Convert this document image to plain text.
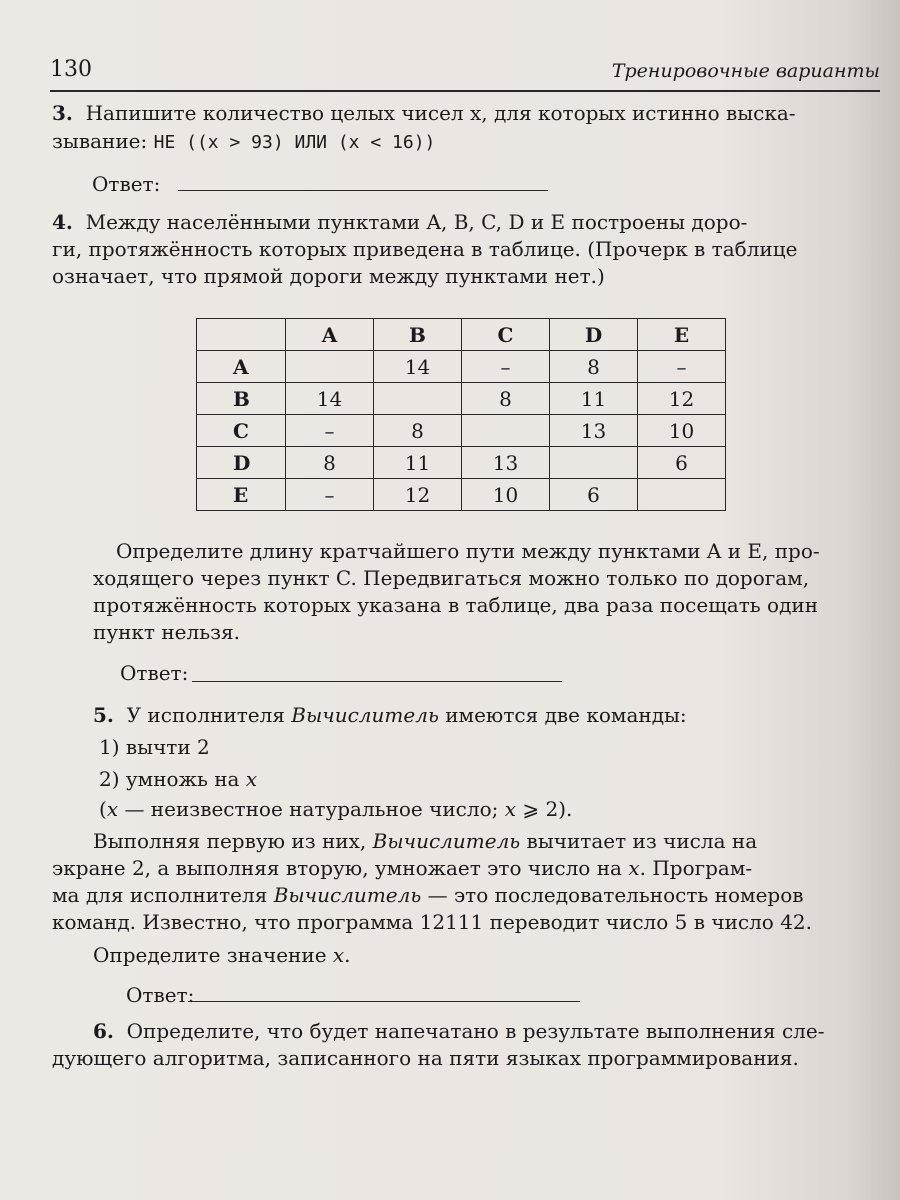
130	Тренировочные варианты
3. Напишите количество целых чисел x, для которых истинно выска-
зывание: НЕ ((x > 93) ИЛИ (x < 16))
Ответ:
4. Между населёнными пунктами A, B, C, D и E построены доро-
ги, протяжённость которых приведена в таблице. (Прочерк в таблице
означает, что прямой дороги между пунктами нет.)
	A	B	C	D	E
A		14	–	8	–
B	14		8	11	12
C	–	8		13	10
D	8	11	13		6
E	–	12	10	6	
Определите длину кратчайшего пути между пунктами A и E, про-
ходящего через пункт C. Передвигаться можно только по дорогам,
протяжённость которых указана в таблице, два раза посещать один
пункт нельзя.
Ответ:
5. У исполнителя Вычислитель имеются две команды:
1) вычти 2
2) умножь на x
(x — неизвестное натуральное число; x ⩾ 2).
Выполняя первую из них, Вычислитель вычитает из числа на
экране 2, а выполняя вторую, умножает это число на x. Програм-
ма для исполнителя Вычислитель — это последовательность номеров
команд. Известно, что программа 12111 переводит число 5 в число 42.
Определите значение x.
Ответ:
6. Определите, что будет напечатано в результате выполнения сле-
дующего алгоритма, записанного на пяти языках программирования.
